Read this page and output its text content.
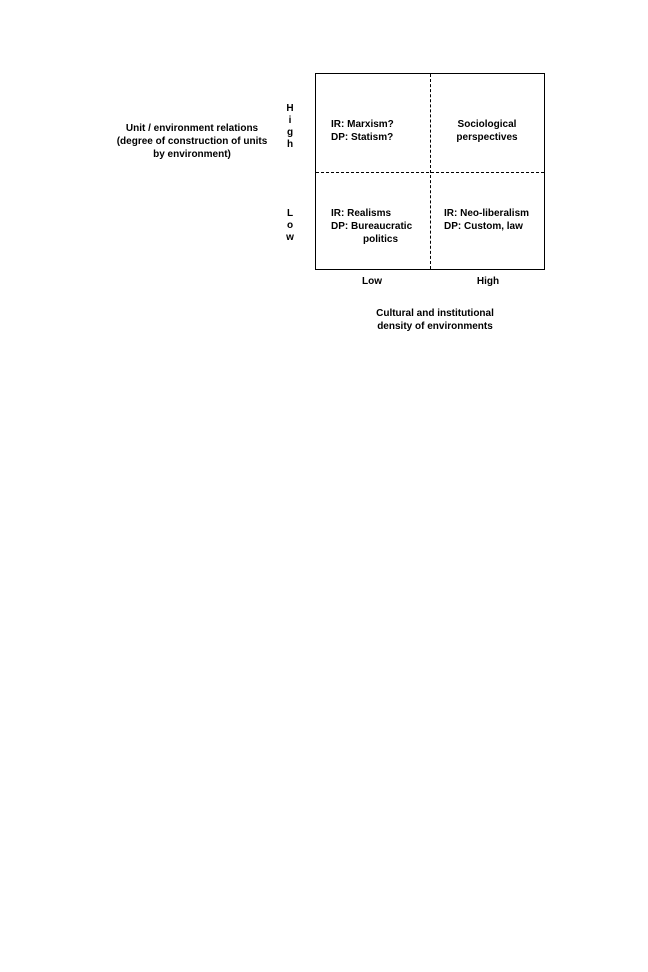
Unit / environment relations
(degree of construction of units
by environment)
H
i
g
h
L
o
w
IR: Marxism?
DP: Statism?
Sociological
perspectives
IR: Realisms
DP: Bureaucratic
politics
IR: Neo-liberalism
DP: Custom, law
Low	High
Cultural and institutional
density of environments
